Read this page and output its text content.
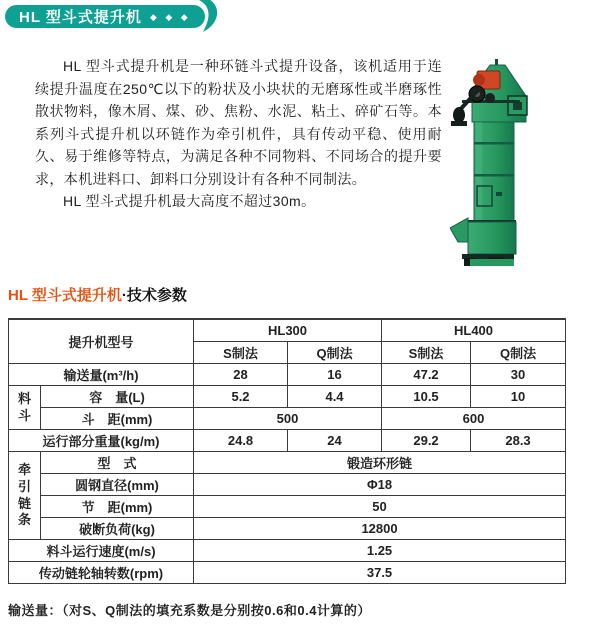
HL 型斗式提升机 ◆ ◆ ◆

HL 型斗式提升机是一种环链斗式提升设备，该机适用于连续提升温度在250℃以下的粉状及小块状的无磨琢性或半磨琢性散状物料，像木屑、煤、砂、焦粉、水泥、粘土、碎矿石等。本系列斗式提升机以环链作为牵引机件，具有传动平稳、使用耐久、易于维修等特点，为满足各种不同物料、不同场合的提升要求，本机进料口、卸料口分别设计有各种不同制法。

HL 型斗式提升机最大高度不超过30m。

HL 型斗式提升机·技术参数
提升机型号		HL300		HL400	
		S制法	Q制法	S制法	Q制法
输送量(m³/h)		28	16	47.2	30
料斗	容　量(L)	5.2	4.4	10.5	10
	斗　距(mm)	500		600	
运行部分重量(kg/m)		24.8	24	29.2	28.3
牵引链条	型　式	锻造环形链			
	圆钢直径(mm)	Φ18			
	节　距(mm)	50			
	破断负荷(kg)	12800			
料斗运行速度(m/s)		1.25			
传动链轮轴转数(rpm)		37.5			
输送量：（对S、Q制法的填充系数是分别按0.6和0.4计算的）
